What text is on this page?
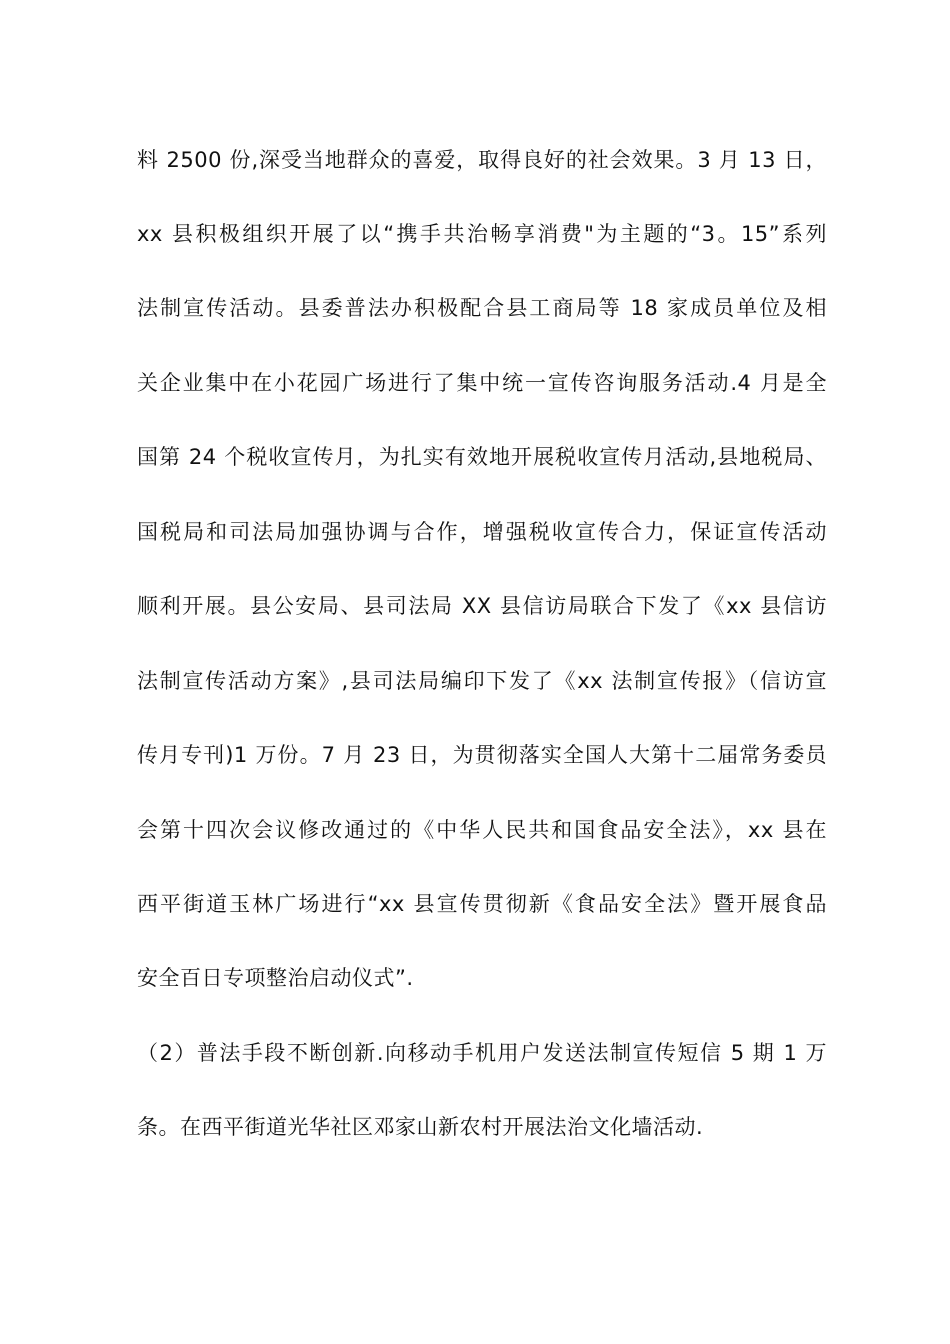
料 2500 份,深受当地群众的喜爱，取得良好的社会效果。3 月 13 日，
xx 县积极组织开展了以“携手共治畅享消费"为主题的“3。15”系列
法制宣传活动。县委普法办积极配合县工商局等 18 家成员单位及相
关企业集中在小花园广场进行了集中统一宣传咨询服务活动.4 月是全
国第 24 个税收宣传月，为扎实有效地开展税收宣传月活动,县地税局、
国税局和司法局加强协调与合作，增强税收宣传合力，保证宣传活动
顺利开展。县公安局、县司法局 XX 县信访局联合下发了《xx 县信访
法制宣传活动方案》,县司法局编印下发了《xx 法制宣传报》（信访宣
传月专刊)1 万份。7 月 23 日，为贯彻落实全国人大第十二届常务委员
会第十四次会议修改通过的《中华人民共和国食品安全法》，xx 县在
西平街道玉林广场进行“xx 县宣传贯彻新《食品安全法》暨开展食品
安全百日专项整治启动仪式”.
（2）普法手段不断创新.向移动手机用户发送法制宣传短信 5 期 1 万
条。在西平街道光华社区邓家山新农村开展法治文化墙活动.
